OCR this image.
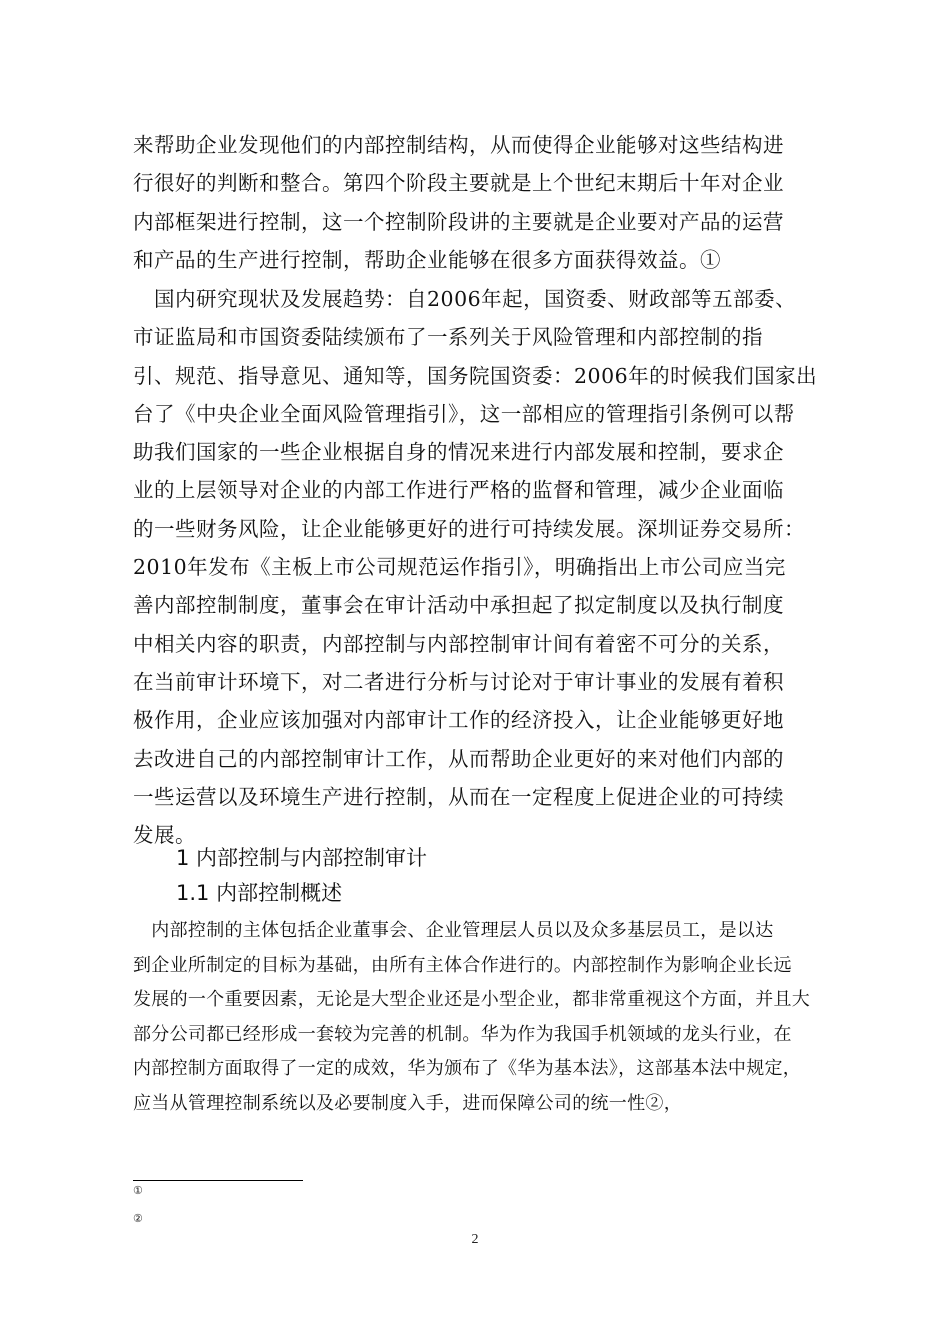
来帮助企业发现他们的内部控制结构，从而使得企业能够对这些结构进
行很好的判断和整合。第四个阶段主要就是上个世纪末期后十年对企业
内部框架进行控制，这一个控制阶段讲的主要就是企业要对产品的运营
和产品的生产进行控制，帮助企业能够在很多方面获得效益。①
　国内研究现状及发展趋势：自2006年起，国资委、财政部等五部委、
市证监局和市国资委陆续颁布了一系列关于风险管理和内部控制的指
引、规范、指导意见、通知等，国务院国资委：2006年的时候我们国家出
台了《中央企业全面风险管理指引》，这一部相应的管理指引条例可以帮
助我们国家的一些企业根据自身的情况来进行内部发展和控制，要求企
业的上层领导对企业的内部工作进行严格的监督和管理，减少企业面临
的一些财务风险，让企业能够更好的进行可持续发展。深圳证券交易所：
2010年发布《主板上市公司规范运作指引》，明确指出上市公司应当完
善内部控制制度，董事会在审计活动中承担起了拟定制度以及执行制度
中相关内容的职责，内部控制与内部控制审计间有着密不可分的关系，
在当前审计环境下，对二者进行分析与讨论对于审计事业的发展有着积
极作用，企业应该加强对内部审计工作的经济投入，让企业能够更好地
去改进自己的内部控制审计工作，从而帮助企业更好的来对他们内部的
一些运营以及环境生产进行控制，从而在一定程度上促进企业的可持续
发展。
1 内部控制与内部控制审计
1.1 内部控制概述
　内部控制的主体包括企业董事会、企业管理层人员以及众多基层员工，是以达
到企业所制定的目标为基础，由所有主体合作进行的。内部控制作为影响企业长远
发展的一个重要因素，无论是大型企业还是小型企业，都非常重视这个方面，并且大
部分公司都已经形成一套较为完善的机制。华为作为我国手机领域的龙头行业，在
内部控制方面取得了一定的成效，华为颁布了《华为基本法》，这部基本法中规定，
应当从管理控制系统以及必要制度入手，进而保障公司的统一性②，
①
②
2
